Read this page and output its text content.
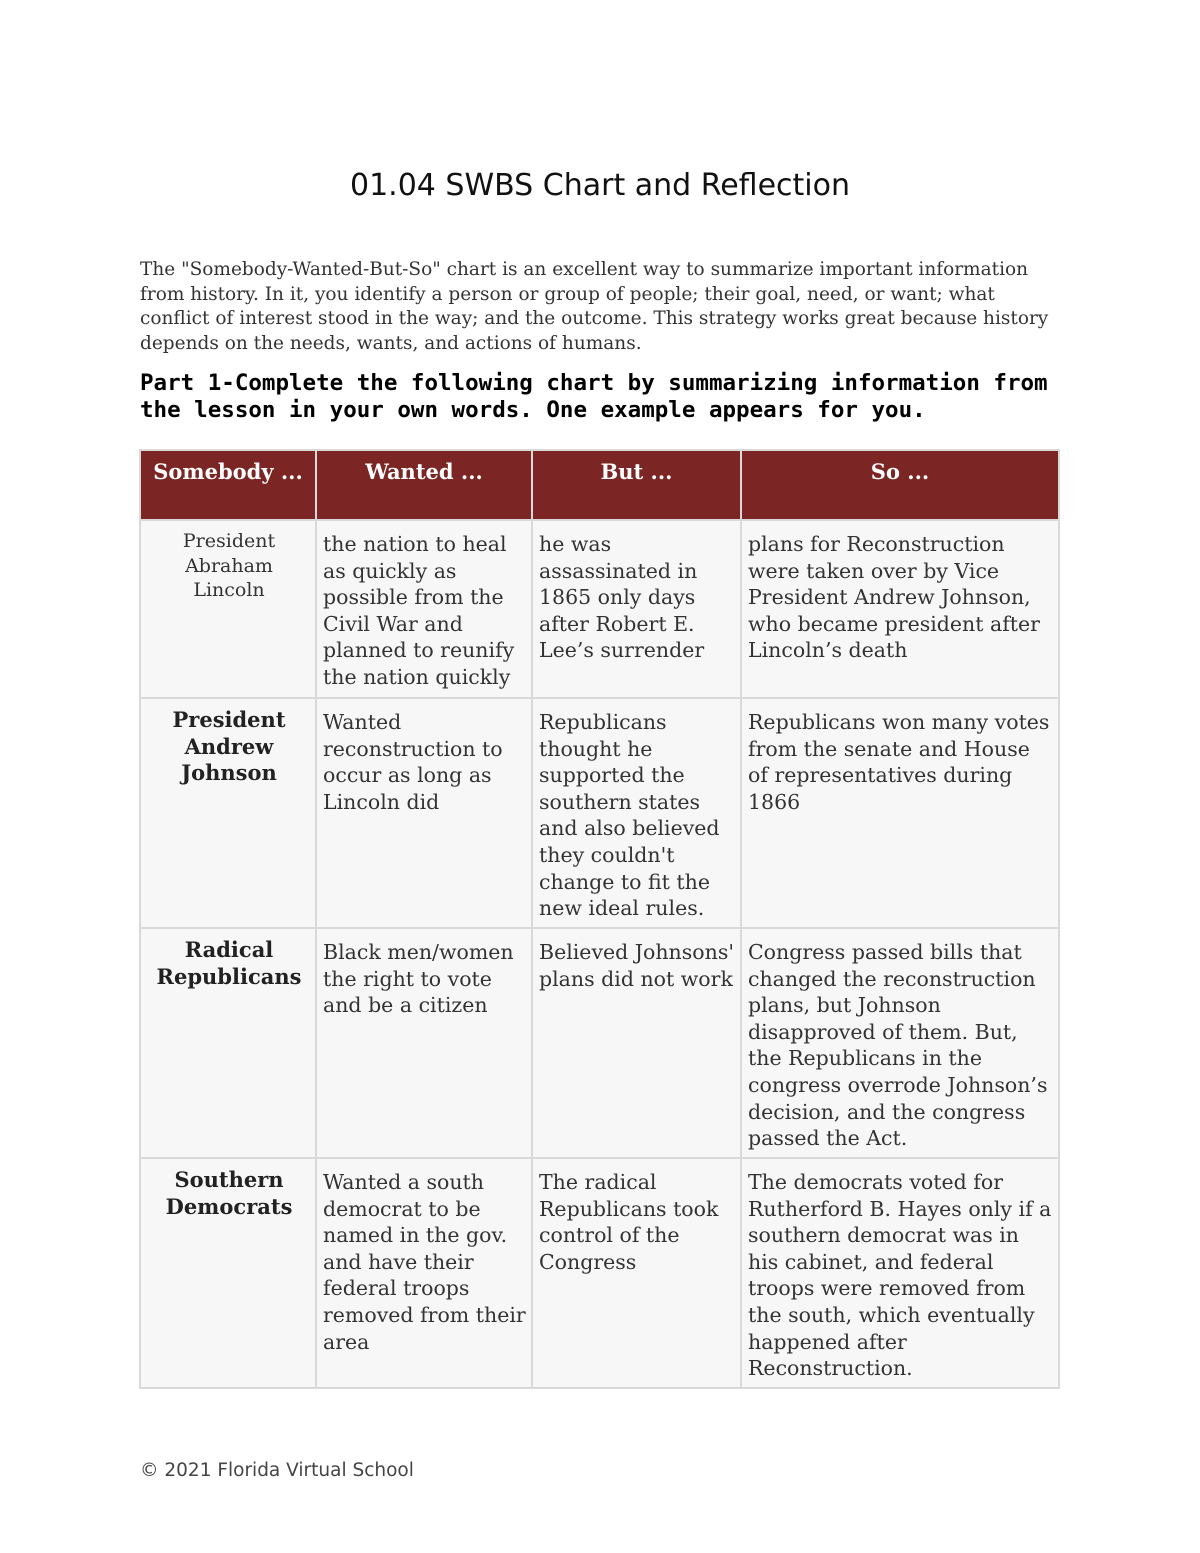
01.04 SWBS Chart and Reflection
The "Somebody-Wanted-But-So" chart is an excellent way to summarize important information from history. In it, you identify a person or group of people; their goal, need, or want; what conflict of interest stood in the way; and the outcome. This strategy works great because history depends on the needs, wants, and actions of humans.
Part 1-Complete the following chart by summarizing information from the lesson in your own words. One example appears for you.
Somebody ...	Wanted ...	But ...	So ...
President Abraham Lincoln	the nation to heal as quickly as possible from the Civil War and planned to reunify the nation quickly	he was assassinated in 1865 only days after Robert E. Lee’s surrender	plans for Reconstruction were taken over by Vice President Andrew Johnson, who became president after Lincoln’s death
President Andrew Johnson	Wanted reconstruction to occur as long as Lincoln did	Republicans thought he supported the southern states and also believed they couldn't change to fit the new ideal rules.	Republicans won many votes from the senate and House of representatives during 1866
Radical Republicans	Black men/women the right to vote and be a citizen	Believed Johnsons' plans did not work	Congress passed bills that changed the reconstruction plans, but Johnson disapproved of them. But, the Republicans in the congress overrode Johnson’s decision, and the congress passed the Act.
Southern Democrats	Wanted a south democrat to be named in the gov. and have their federal troops removed from their area	The radical Republicans took control of the Congress	The democrats voted for Rutherford B. Hayes only if a southern democrat was in his cabinet, and federal troops were removed from the south, which eventually happened after Reconstruction.
© 2021 Florida Virtual School
